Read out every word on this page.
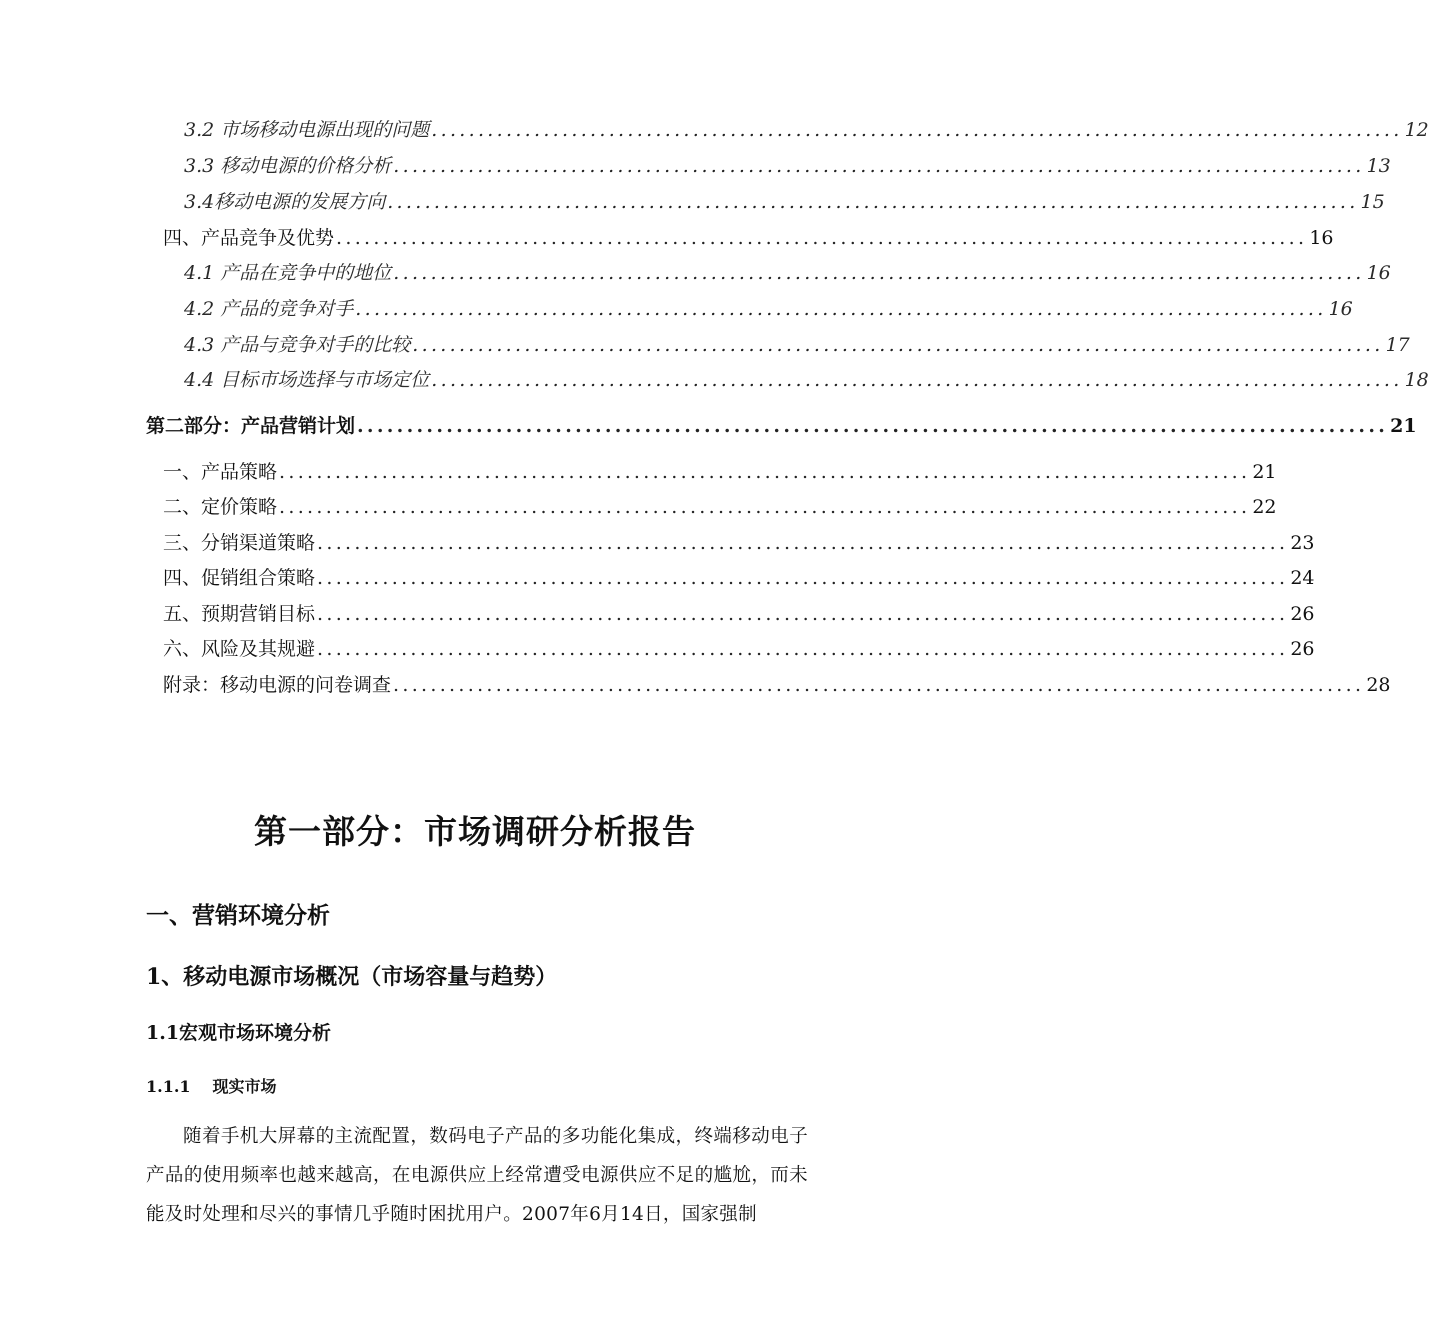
3.2 市场移动电源出现的问题 ........................................................................................................ 12
3.3 移动电源的价格分析 ........................................................................................................ 13
3.4移动电源的发展方向 ........................................................................................................ 15
四、产品竞争及优势 ........................................................................................................ 16
4.1 产品在竞争中的地位 ........................................................................................................ 16
4.2 产品的竞争对手 ........................................................................................................ 16
4.3 产品与竞争对手的比较 ........................................................................................................ 17
4.4 目标市场选择与市场定位 ........................................................................................................ 18
第二部分：产品营销计划 ........................................................................................................ 21
一、产品策略 ........................................................................................................ 21
二、定价策略 ........................................................................................................ 22
三、分销渠道策略 ........................................................................................................ 23
四、促销组合策略 ........................................................................................................ 24
五、预期营销目标 ........................................................................................................ 26
六、风险及其规避 ........................................................................................................ 26
附录：移动电源的问卷调查 ........................................................................................................ 28
第一部分：市场调研分析报告
一、营销环境分析
1、移动电源市场概况（市场容量与趋势）
1.1宏观市场环境分析
1.1.1 现实市场
随着手机大屏幕的主流配置，数码电子产品的多功能化集成，终端移动电子产品的使用频率也越来越高，在电源供应上经常遭受电源供应不足的尴尬，而未能及时处理和尽兴的事情几乎随时困扰用户。2007年6月14日，国家强制
